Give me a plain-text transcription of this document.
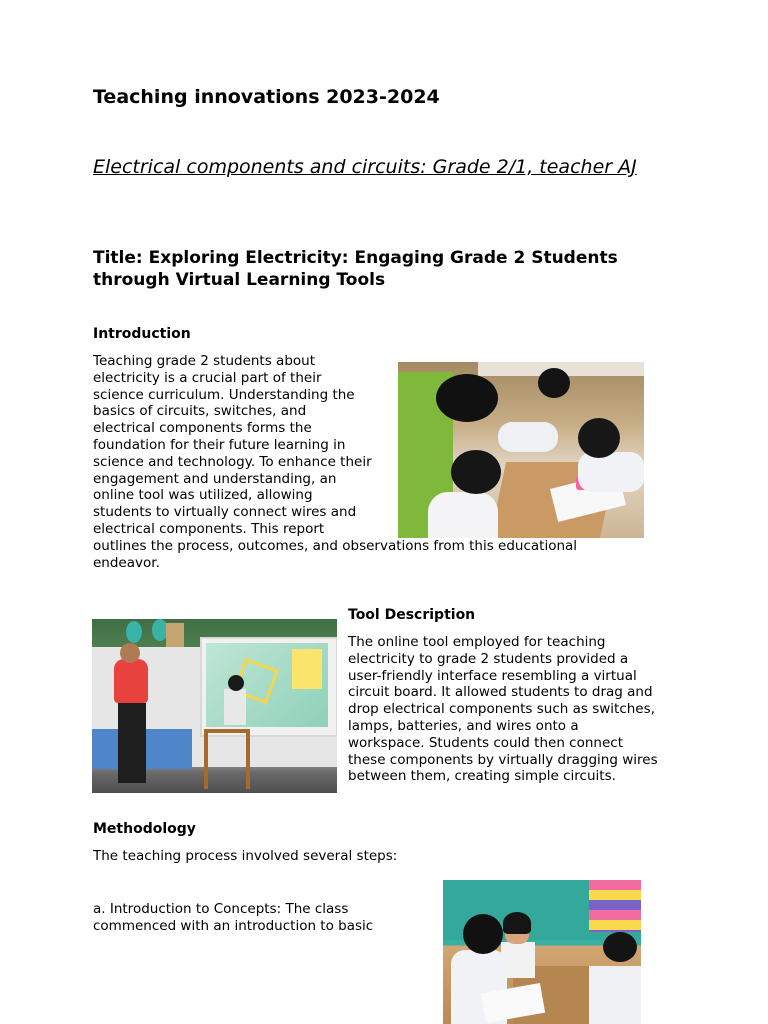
Teaching innovations 2023-2024
Electrical components and circuits: Grade 2/1, teacher AJ
Title: Exploring Electricity: Engaging Grade 2 Students through Virtual Learning Tools
Introduction
Teaching grade 2 students about
electricity is a crucial part of their
science curriculum. Understanding the
basics of circuits, switches, and
electrical components forms the
foundation for their future learning in
science and technology. To enhance their
engagement and understanding, an
online tool was utilized, allowing
students to virtually connect wires and
electrical components. This report
outlines the process, outcomes, and observations from this educational
endeavor.
Tool Description
The online tool employed for teaching
electricity to grade 2 students provided a
user-friendly interface resembling a virtual
circuit board. It allowed students to drag and
drop electrical components such as switches,
lamps, batteries, and wires onto a
workspace. Students could then connect
these components by virtually dragging wires
between them, creating simple circuits.
Methodology
The teaching process involved several steps:
a. Introduction to Concepts: The class
commenced with an introduction to basic
